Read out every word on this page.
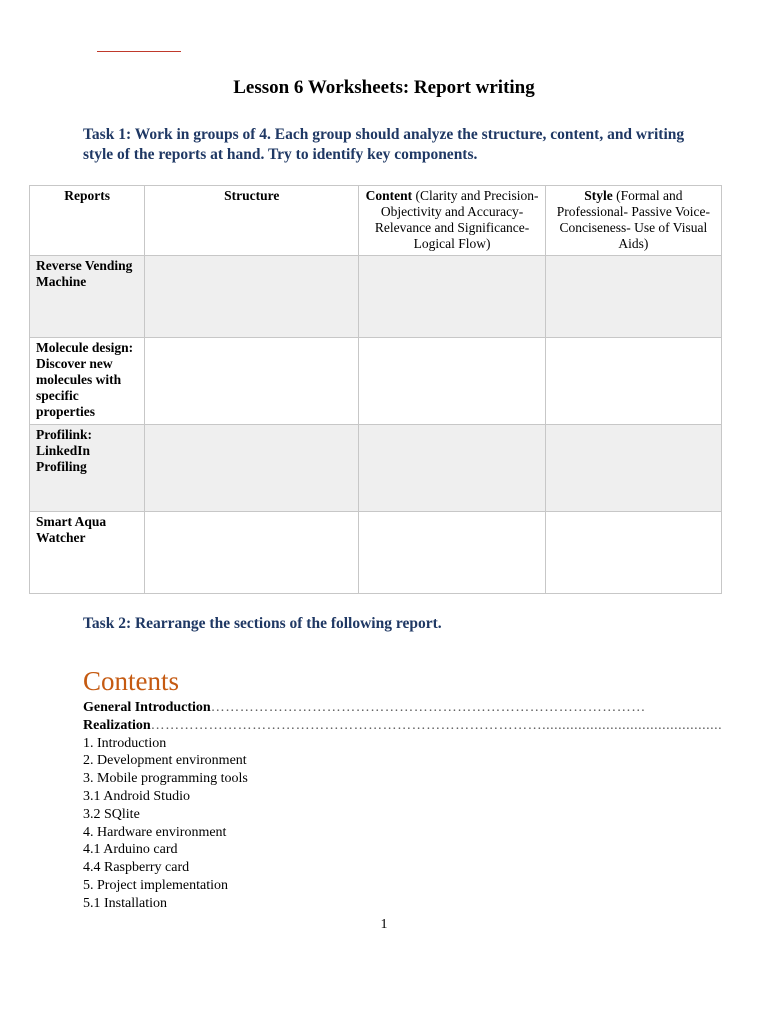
Lesson 6 Worksheets: Report writing
Task 1: Work in groups of 4. Each group should analyze the structure, content, and writing style of the reports at hand. Try to identify key components.
Reports	Structure	Content (Clarity and Precision- Objectivity and Accuracy- Relevance and Significance- Logical Flow)	Style (Formal and Professional- Passive Voice- Conciseness- Use of Visual Aids)
Reverse Vending Machine			
Molecule design: Discover new molecules with specific properties			
Profilink: LinkedIn Profiling			
Smart Aqua Watcher			
Task 2: Rearrange the sections of the following report.
Contents
General Introduction ………………………………………………………………………………
Realization ……………………………………………………………………….............................................
1. Introduction
2. Development environment
3. Mobile programming tools
3.1 Android Studio
3.2 SQlite
4. Hardware environment
4.1 Arduino card
4.4 Raspberry card
5. Project implementation
5.1 Installation
1
